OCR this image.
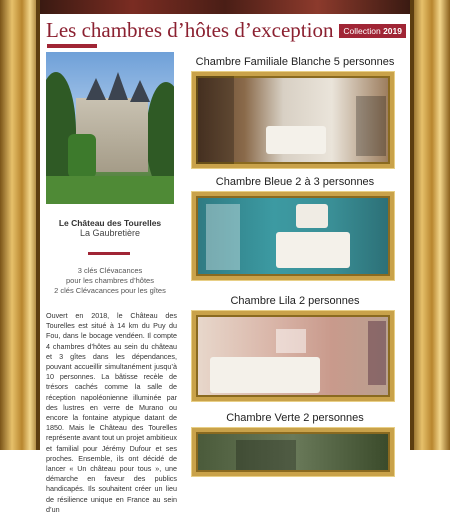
Les chambres d’hôtes d’exception	Collection 2019
Le Château des Tourelles
La Gaubretière
3 clés Clévacances
pour les chambres d’hôtes
2 clés Clévacances pour les gîtes
Ouvert en 2018, le Château des Tourelles est situé à 14 km du Puy du Fou, dans le bocage vendéen. Il compte 4 chambres d’hôtes au sein du château et 3 gîtes dans les dépendances, pouvant accueillir simultanément jusqu’à 10 personnes. La bâtisse recèle de trésors cachés comme la salle de réception napoléonienne illuminée par des lustres en verre de Murano ou encore la fontaine atypique datant de 1850. Mais le Château des Tourelles représente avant tout un projet ambitieux et familial pour Jérémy Dufour et ses proches. Ensemble, ils ont décidé de lancer « Un château pour tous », une démarche en faveur des publics handicapés. Ils souhaitent créer un lieu de résilience unique en France au sein d’un
Chambre Familiale Blanche 5 personnes
Chambre Bleue 2 à 3 personnes
Chambre Lila 2 personnes
Chambre Verte 2 personnes
